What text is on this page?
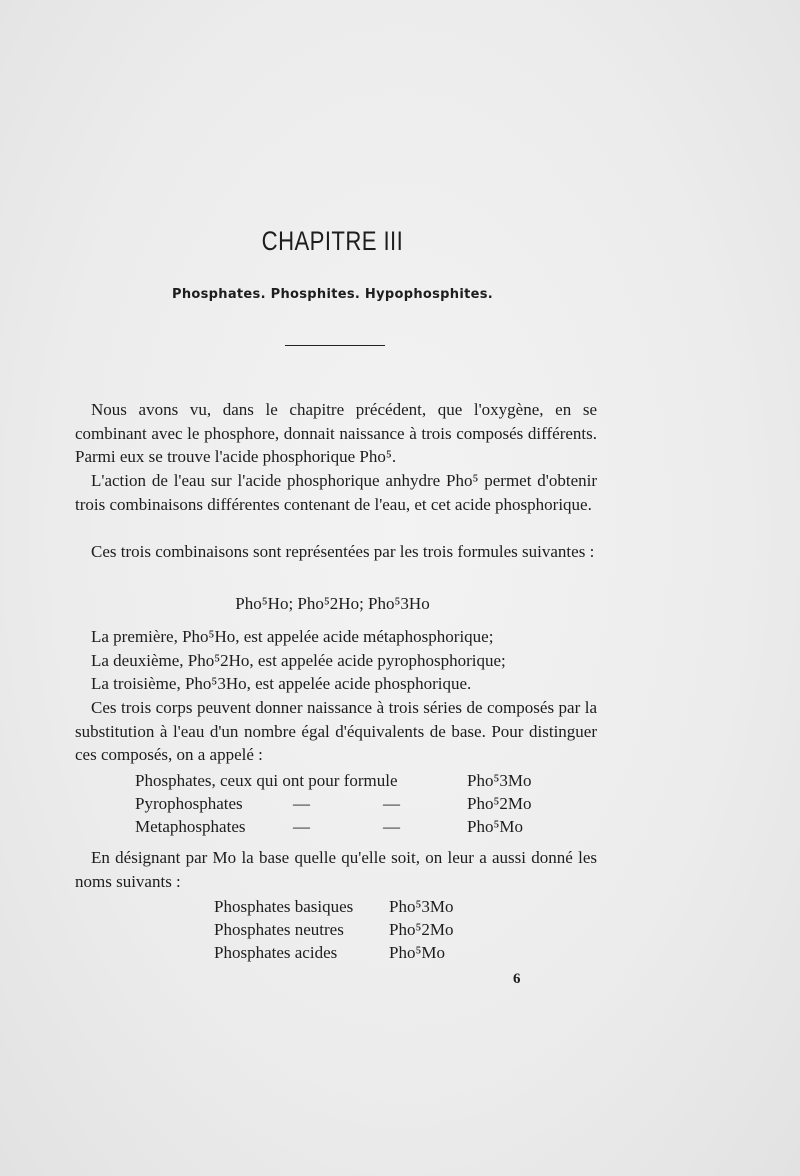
CHAPITRE III
Phosphates. Phosphites. Hypophosphites.

Nous avons vu, dans le chapitre précédent, que l'oxygène, en se combinant avec le phosphore, donnait naissance à trois composés différents. Parmi eux se trouve l'acide phosphorique Pho⁵.

L'action de l'eau sur l'acide phosphorique anhydre Pho⁵ permet d'obtenir trois combinaisons différentes contenant de l'eau, et cet acide phosphorique.

Ces trois combinaisons sont représentées par les trois formules suivantes :

Pho⁵Ho; Pho⁵2Ho; Pho⁵3Ho
La première, Pho⁵Ho, est appelée acide métaphosphorique;
La deuxième, Pho⁵2Ho, est appelée acide pyrophosphorique;
La troisième, Pho⁵3Ho, est appelée acide phosphorique.

Ces trois corps peuvent donner naissance à trois séries de composés par la substitution à l'eau d'un nombre égal d'équivalents de base. Pour distinguer ces composés, on a appelé :

Phosphates, ceux qui ont pour formule	Pho⁵3Mo
Pyrophosphates	—	—	Pho⁵2Mo
Metaphosphates	—	—	Pho⁵Mo

En désignant par Mo la base quelle qu'elle soit, on leur a aussi donné les noms suivants :

Phosphates basiques Pho⁵3Mo
Phosphates neutres	Pho⁵2Mo
Phosphates acides	Pho⁵Mo
6
